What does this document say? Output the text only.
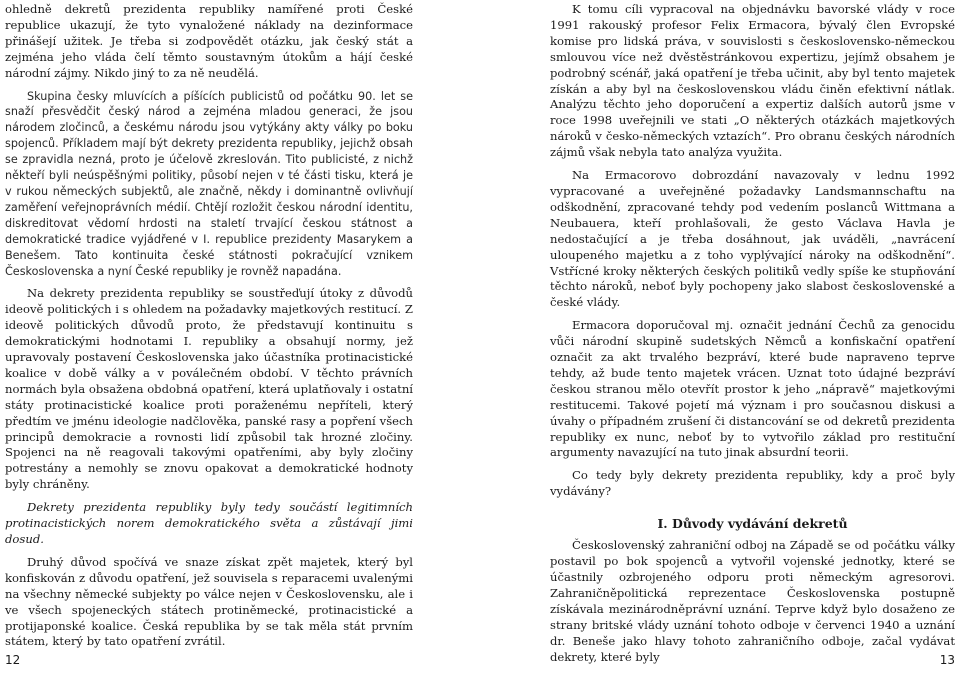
ohledně dekretů prezidenta republiky namířené proti České republice ukazují, že tyto vynaložené náklady na dezinformace přinášejí užitek. Je třeba si zodpovědět otázku, jak český stát a zejména jeho vláda čelí těmto soustavným útokům a hájí české národní zájmy. Nikdo jiný to za ně neudělá.

Skupina česky mluvících a píšících publicistů od počátku 90. let se snaží přesvědčit český národ a zejména mladou generaci, že jsou národem zločinců, a českému národu jsou vytýkány akty války po boku spojenců. Příkladem mají být dekrety prezidenta republiky, jejichž obsah se zpravidla nezná, proto je účelově zkreslován. Tito publicisté, z nichž někteří byli neúspěšnými politiky, působí nejen v té části tisku, která je v rukou německých subjektů, ale značně, někdy i dominantně ovlivňují zaměření veřejnoprávních médií. Chtějí rozložit českou národní identitu, diskreditovat vědomí hrdosti na staletí trvající českou státnost a demokratické tradice vyjádřené v I. republice prezidenty Masarykem a Benešem. Tato kontinuita české státnosti pokračující vznikem Československa a nyní České republiky je rovněž napadána.

Na dekrety prezidenta republiky se soustřeďují útoky z důvodů ideově politických i s ohledem na požadavky majetkových restitucí. Z ideově politických důvodů proto, že představují kontinuitu s demokratickými hodnotami I. republiky a obsahují normy, jež upravovaly postavení Československa jako účastníka protinacistické koalice v době války a v poválečném období. V těchto právních normách byla obsažena obdobná opatření, která uplatňovaly i ostatní státy protinacistické koalice proti poraženému nepříteli, který předtím ve jménu ideologie nadčlověka, panské rasy a popření všech principů demokracie a rovnosti lidí způsobil tak hrozné zločiny. Spojenci na ně reagovali takovými opatřeními, aby byly zločiny potrestány a nemohly se znovu opakovat a demokratické hodnoty byly chráněny.

Dekrety prezidenta republiky byly tedy součástí legitimních protinacistických norem demokratického světa a zůstávají jimi dosud.

Druhý důvod spočívá ve snaze získat zpět majetek, který byl konfiskován z důvodu opatření, jež souvisela s reparacemi uvalenými na všechny německé subjekty po válce nejen v Československu, ale i ve všech spojeneckých státech protiněmecké, protinacistické a protijaponské koalice. Česká republika by se tak měla stát prvním státem, který by tato opatření zvrátil.

12

K tomu cíli vypracoval na objednávku bavorské vlády v roce 1991 rakouský profesor Felix Ermacora, bývalý člen Evropské komise pro lidská práva, v souvislosti s československo-německou smlouvou více než dvěstěstránkovou expertizu, jejímž obsahem je podrobný scénář, jaká opatření je třeba učinit, aby byl tento majetek získán a aby byl na československou vládu činěn efektivní nátlak. Analýzu těchto jeho doporučení a expertiz dalších autorů jsme v roce 1998 uveřejnili ve stati „O některých otázkách majetkových nároků v česko-německých vztazích“. Pro obranu českých národních zájmů však nebyla tato analýza využita.

Na Ermacorovo dobrozdání navazovaly v lednu 1992 vypracované a uveřejněné požadavky Landsmannschaftu na odškodnění, zpracované tehdy pod vedením poslanců Wittmana a Neubauera, kteří prohlašovali, že gesto Václava Havla je nedostačující a je třeba dosáhnout, jak uváděli, „navrácení uloupeného majetku a z toho vyplývající nároky na odškodnění“. Vstřícné kroky některých českých politiků vedly spíše ke stupňování těchto nároků, neboť byly pochopeny jako slabost československé a české vlády.

Ermacora doporučoval mj. označit jednání Čechů za genocidu vůči národní skupině sudetských Němců a konfiskační opatření označit za akt trvalého bezpráví, které bude napraveno teprve tehdy, až bude tento majetek vrácen. Uznat toto údajné bezpráví českou stranou mělo otevřít prostor k jeho „nápravě“ majetkovými restitucemi. Takové pojetí má význam i pro současnou diskusi a úvahy o případném zrušení či distancování se od dekretů prezidenta republiky ex nunc, neboť by to vytvořilo základ pro restituční argumenty navazující na tuto jinak absurdní teorii.

Co tedy byly dekrety prezidenta republiky, kdy a proč byly vydávány?

I. Důvody vydávání dekretů

Československý zahraniční odboj na Západě se od počátku války postavil po bok spojenců a vytvořil vojenské jednotky, které se účastnily ozbrojeného odporu proti německým agresorovi. Zahraničněpolitická reprezentace Československa postupně získávala mezinárodněprávní uznání. Teprve když bylo dosaženo ze strany britské vlády uznání tohoto odboje v červenci 1940 a uznání dr. Beneše jako hlavy tohoto zahraničního odboje, začal vydávat dekrety, které byly	13
